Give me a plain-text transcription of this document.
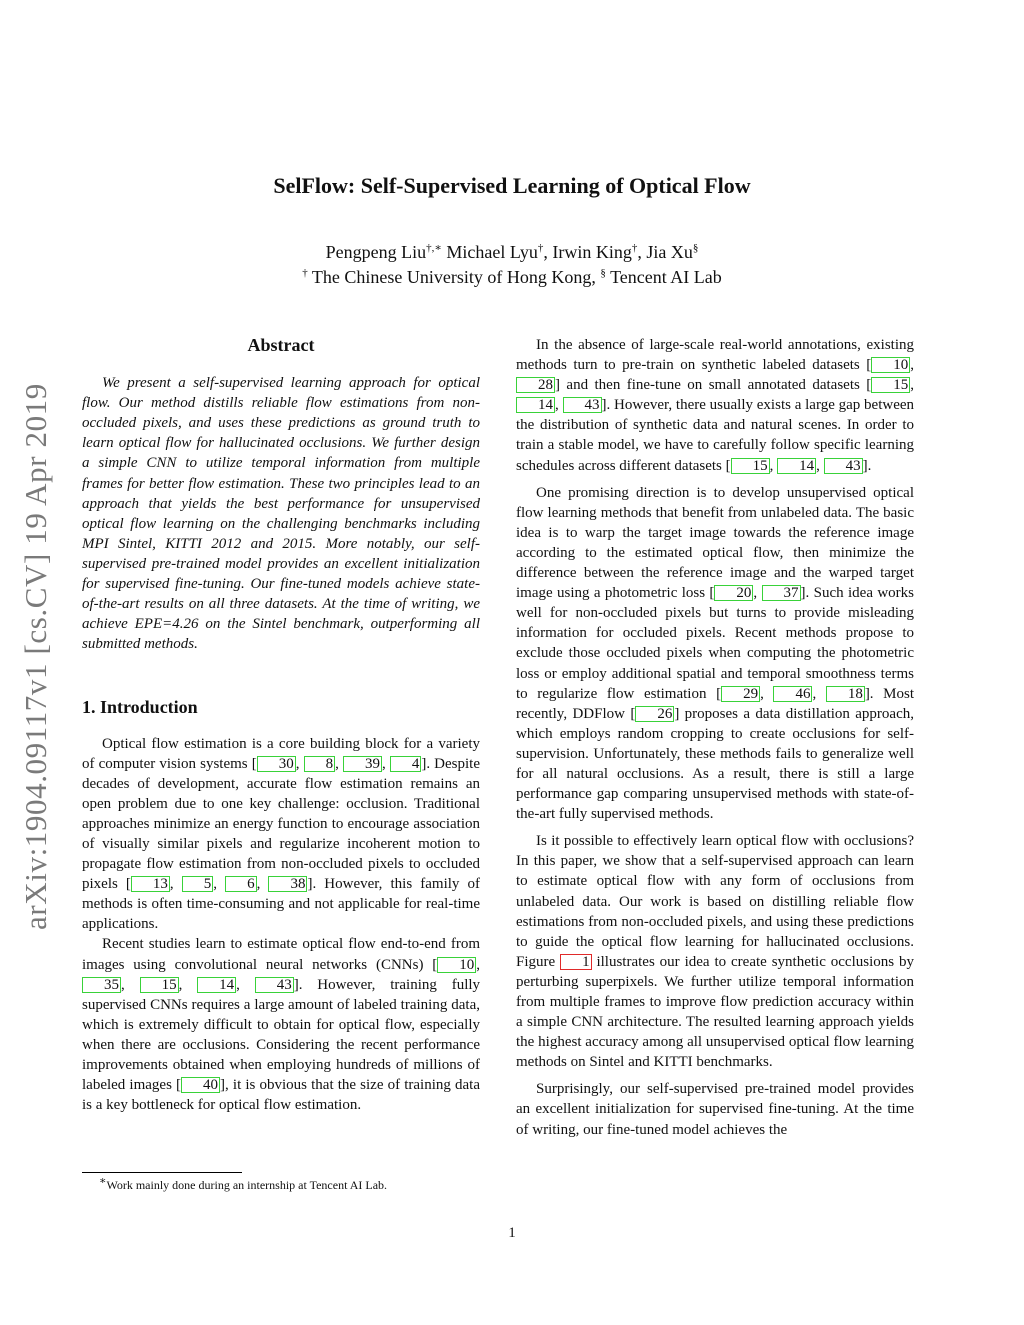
arXiv:1904.09117v1 [cs.CV] 19 Apr 2019
SelFlow: Self-Supervised Learning of Optical Flow
Pengpeng Liu†,∗ Michael Lyu†, Irwin King†, Jia Xu§
† The Chinese University of Hong Kong, § Tencent AI Lab

Abstract

We present a self-supervised learning approach for optical flow. Our method distills reliable flow estimations from non-occluded pixels, and uses these predictions as ground truth to learn optical flow for hallucinated occlusions. We further design a simple CNN to utilize temporal information from multiple frames for better flow estimation. These two principles lead to an approach that yields the best performance for unsupervised optical flow learning on the challenging benchmarks including MPI Sintel, KITTI 2012 and 2015. More notably, our self-supervised pre-trained model provides an excellent initialization for supervised fine-tuning. Our fine-tuned models achieve state-of-the-art results on all three datasets. At the time of writing, we achieve EPE=4.26 on the Sintel benchmark, outperforming all submitted methods.

1. Introduction

Optical flow estimation is a core building block for a variety of computer vision systems [ 30 , 8 , 39 , 4 ]. Despite decades of development, accurate flow estimation remains an open problem due to one key challenge: occlusion. Traditional approaches minimize an energy function to encourage association of visually similar pixels and regularize incoherent motion to propagate flow estimation from non-occluded pixels to occluded pixels [ 13 , 5 , 6 , 38 ]. However, this family of methods is often time-consuming and not applicable for real-time applications.

Recent studies learn to estimate optical flow end-to-end from images using convolutional neural networks (CNNs) [ 10 , 35 , 15 , 14 , 43 ]. However, training fully supervised CNNs requires a large amount of labeled training data, which is extremely difficult to obtain for optical flow, especially when there are occlusions. Considering the recent performance improvements obtained when employing hundreds of millions of labeled images [ 40 ], it is obvious that the size of training data is a key bottleneck for optical flow estimation.

In the absence of large-scale real-world annotations, existing methods turn to pre-train on synthetic labeled datasets [ 10 , 28 ] and then fine-tune on small annotated datasets [ 15 , 14 , 43 ]. However, there usually exists a large gap between the distribution of synthetic data and natural scenes. In order to train a stable model, we have to carefully follow specific learning schedules across different datasets [ 15 , 14 , 43 ].

One promising direction is to develop unsupervised optical flow learning methods that benefit from unlabeled data. The basic idea is to warp the target image towards the reference image according to the estimated optical flow, then minimize the difference between the reference image and the warped target image using a photometric loss [ 20 , 37 ]. Such idea works well for non-occluded pixels but turns to provide misleading information for occluded pixels. Recent methods propose to exclude those occluded pixels when computing the photometric loss or employ additional spatial and temporal smoothness terms to regularize flow estimation [ 29 , 46 , 18 ]. Most recently, DDFlow [ 26 ] proposes a data distillation approach, which employs random cropping to create occlusions for self-supervision. Unfortunately, these methods fails to generalize well for all natural occlusions. As a result, there is still a large performance gap comparing unsupervised methods with state-of-the-art fully supervised methods.

Is it possible to effectively learn optical flow with occlusions? In this paper, we show that a self-supervised approach can learn to estimate optical flow with any form of occlusions from unlabeled data. Our work is based on distilling reliable flow estimations from non-occluded pixels, and using these predictions to guide the optical flow learning for hallucinated occlusions. Figure 1 illustrates our idea to create synthetic occlusions by perturbing superpixels. We further utilize temporal information from multiple frames to improve flow prediction accuracy within a simple CNN architecture. The resulted learning approach yields the highest accuracy among all unsupervised optical flow learning methods on Sintel and KITTI benchmarks.

Surprisingly, our self-supervised pre-trained model provides an excellent initialization for supervised fine-tuning. At the time of writing, our fine-tuned model achieves the

∗Work mainly done during an internship at Tencent AI Lab.
1
